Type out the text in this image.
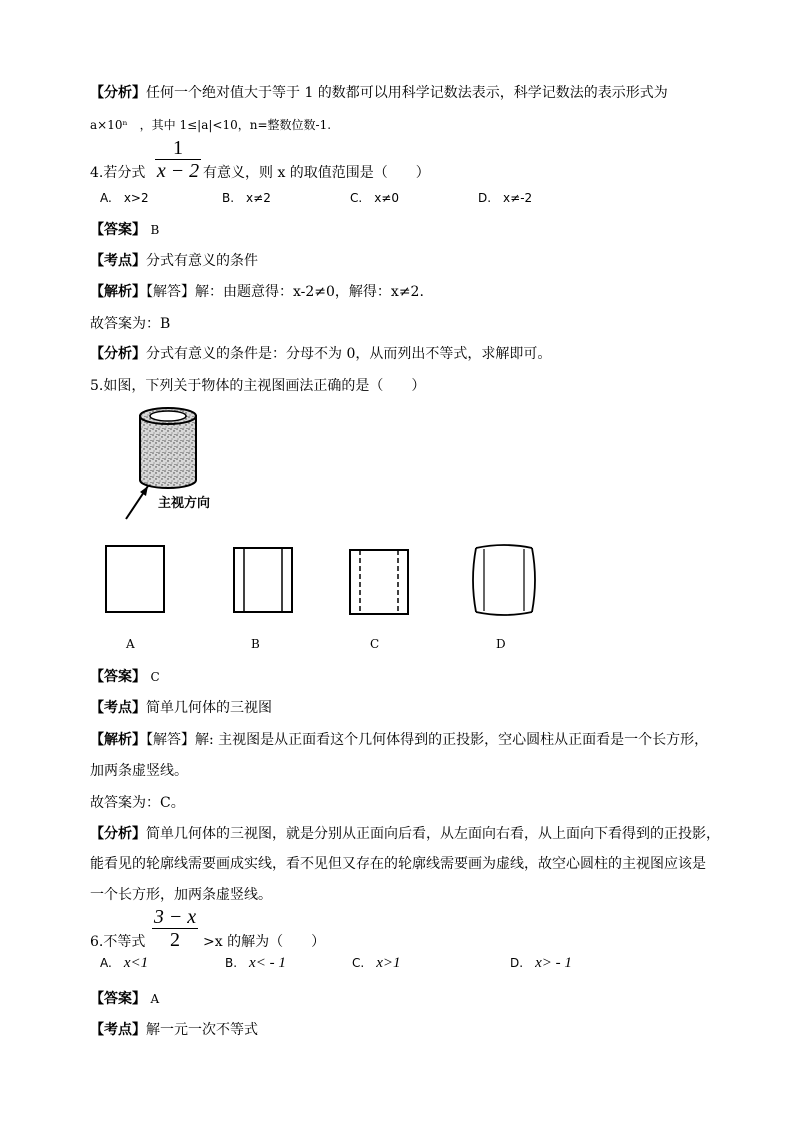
【分析】任何一个绝对值大于等于 1 的数都可以用科学记数法表示，科学记数法的表示形式为
a×10ⁿ　，其中 1≤|a|<10，n=整数位数-1.
4.若分式
1
x − 2 有意义，则 x 的取值范围是（　　）
A.　x>2	B.　x≠2	C.　x≠0	D.　x≠-2
【答案】 B
【考点】分式有意义的条件
【解析】【解答】解：由题意得：x-2≠0，解得：x≠2.
故答案为：B
【分析】分式有意义的条件是：分母不为 0，从而列出不等式，求解即可。
5.如图，下列关于物体的主视图画法正确的是（　　）
主视方向
A	B	C	D
【答案】 C
【考点】简单几何体的三视图
【解析】【解答】解: 主视图是从正面看这个几何体得到的正投影，空心圆柱从正面看是一个长方形，
加两条虚竖线。
故答案为：C。
【分析】简单几何体的三视图，就是分别从正面向后看，从左面向右看，从上面向下看得到的正投影，
能看见的轮廓线需要画成实线，看不见但又存在的轮廓线需要画为虚线，故空心圆柱的主视图应该是
一个长方形，加两条虚竖线。
6.不等式
3 − x
2	>x 的解为（　　）
A. x<1	B. x< - 1	C. x>1	D. x> - 1
【答案】 A
【考点】解一元一次不等式
